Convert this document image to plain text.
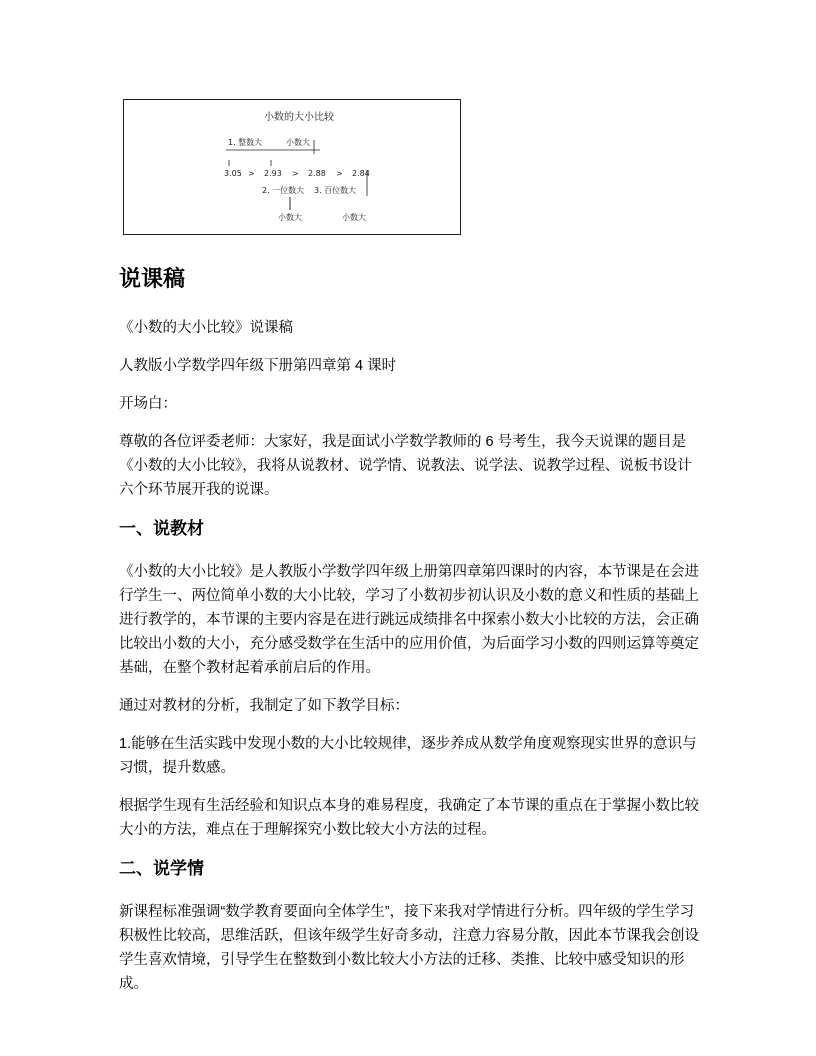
小数的大小比较
1. 整数大	小数大
3.05 > 2.93 > 2.88 > 2.84
2. 一位数大 3. 百位数大
小数大	小数大
说课稿

《小数的大小比较》说课稿

人教版小学数学四年级下册第四章第 4 课时

开场白：

尊敬的各位评委老师：大家好，我是面试小学数学教师的 6 号考生，我今天说课的题目是《小数的大小比较》，我将从说教材、说学情、说教法、说学法、说教学过程、说板书设计六个环节展开我的说课。

一、说教材

《小数的大小比较》是人教版小学数学四年级上册第四章第四课时的内容，本节课是在会进行学生一、两位简单小数的大小比较，学习了小数初步初认识及小数的意义和性质的基础上进行教学的，本节课的主要内容是在进行跳远成绩排名中探索小数大小比较的方法，会正确比较出小数的大小，充分感受数学在生活中的应用价值，为后面学习小数的四则运算等奠定基础，在整个教材起着承前启后的作用。

通过对教材的分析，我制定了如下教学目标：

1.能够在生活实践中发现小数的大小比较规律，逐步养成从数学角度观察现实世界的意识与习惯，提升数感。

根据学生现有生活经验和知识点本身的难易程度，我确定了本节课的重点在于掌握小数比较大小的方法，难点在于理解探究小数比较大小方法的过程。

二、说学情

新课程标准强调“数学教育要面向全体学生”，接下来我对学情进行分析。四年级的学生学习积极性比较高，思维活跃，但该年级学生好奇多动，注意力容易分散，因此本节课我会创设学生喜欢情境，引导学生在整数到小数比较大小方法的迁移、类推、比较中感受知识的形成。
